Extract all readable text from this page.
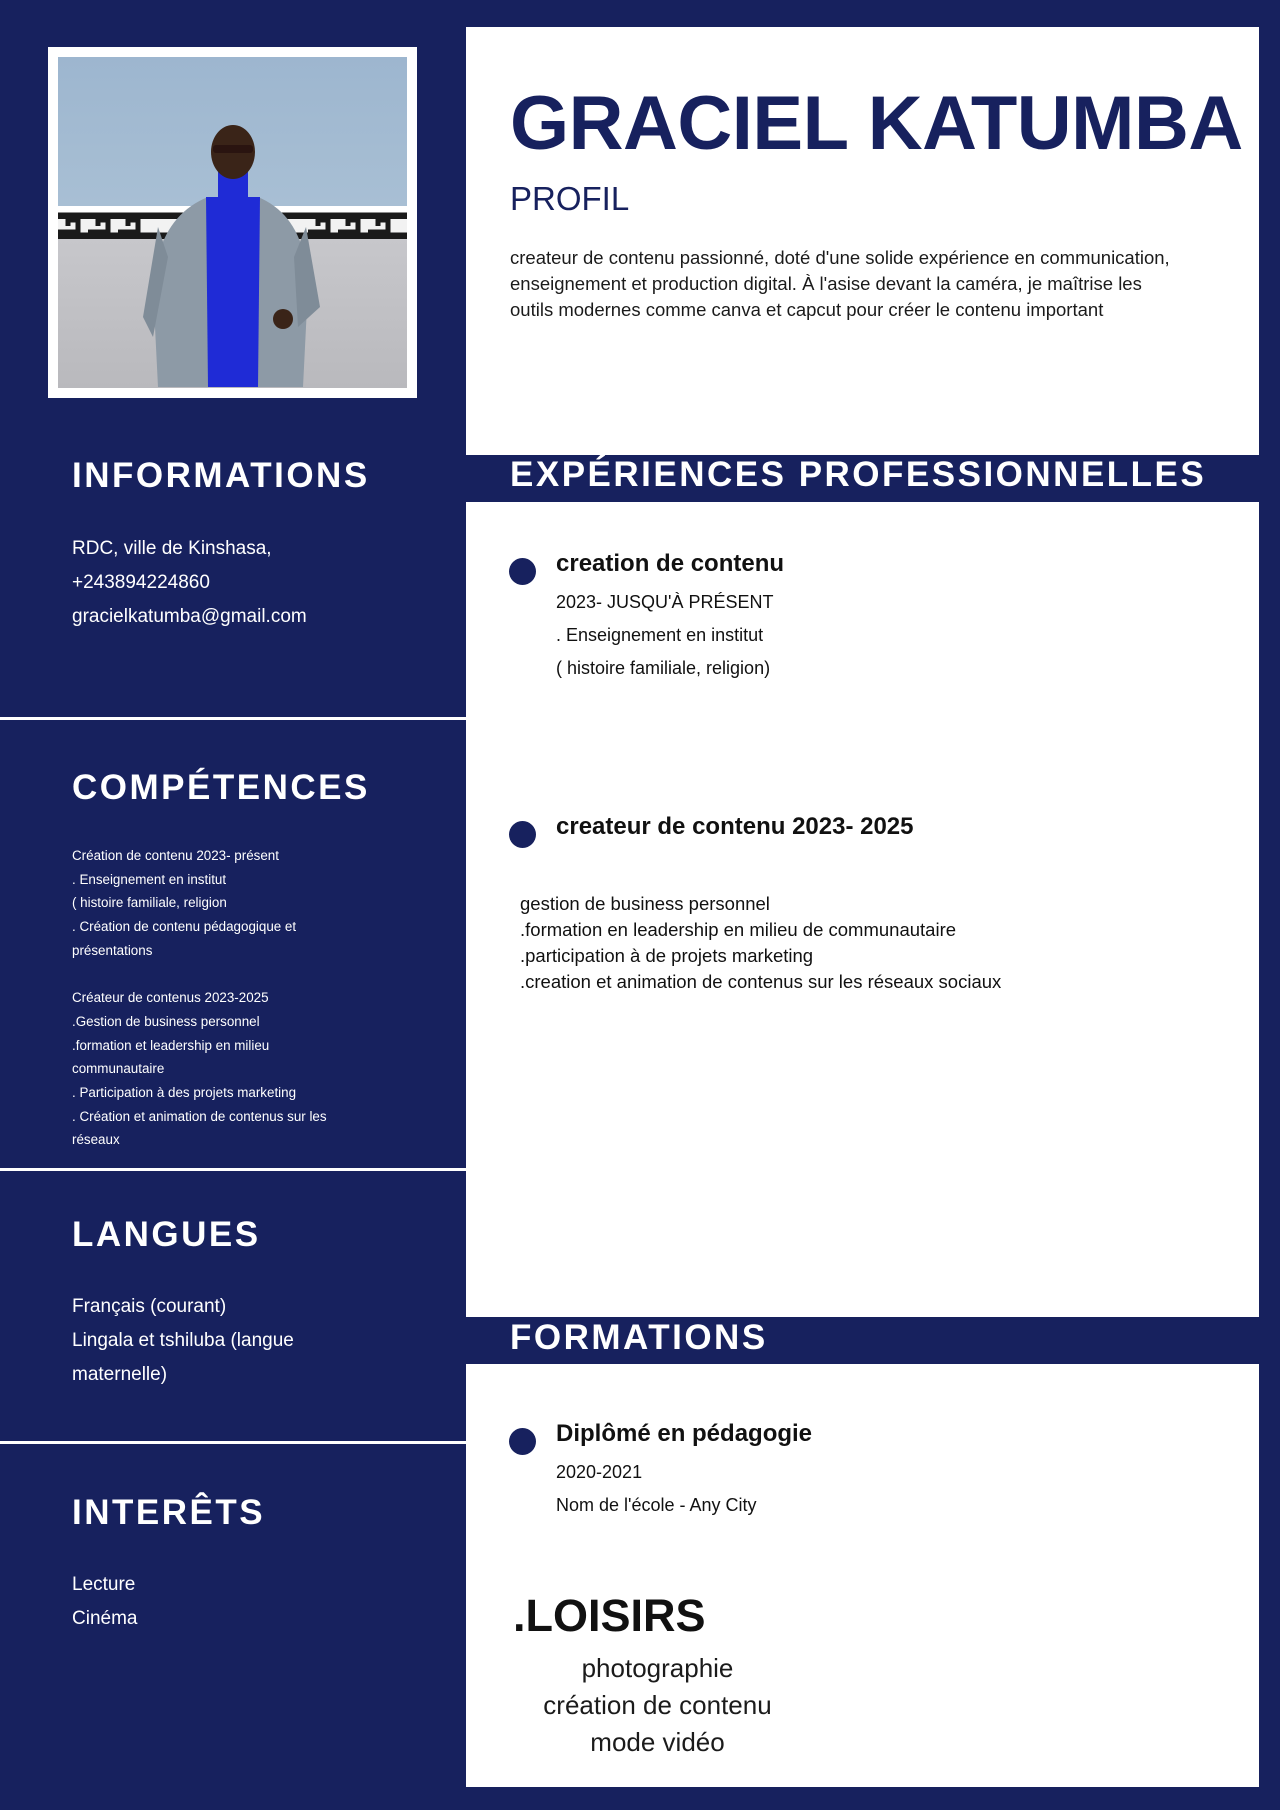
GRACIEL KATUMBA
PROFIL
createur de contenu passionné, doté d'une solide expérience en communication, enseignement et production digital. À l'asise devant la caméra, je maîtrise les outils modernes comme canva et capcut pour créer le contenu important
EXPÉRIENCES PROFESSIONNELLES
creation de contenu
2023- JUSQU'À PRÉSENT
. Enseignement en institut
( histoire familiale, religion)
createur de contenu 2023- 2025
gestion de business personnel
.formation en leadership en milieu de communautaire
.participation à de projets marketing
.creation et animation de contenus sur les réseaux sociaux
FORMATIONS
Diplômé en pédagogie
2020-2021
Nom de l'école - Any City
.LOISIRS
photographie
création de contenu
mode vidéo
INFORMATIONS
RDC, ville de Kinshasa,
+243894224860
gracielkatumba@gmail.com
COMPÉTENCES
Création de contenu 2023- présent
. Enseignement en institut
( histoire familiale, religion
. Création de contenu pédagogique et présentations

Créateur de contenus 2023-2025
.Gestion de business personnel
.formation et leadership en milieu communautaire
. Participation à des projets marketing
. Création et animation de contenus sur les réseaux
LANGUES
Français (courant)
Lingala et tshiluba (langue maternelle)
INTERÊTS
Lecture
Cinéma
